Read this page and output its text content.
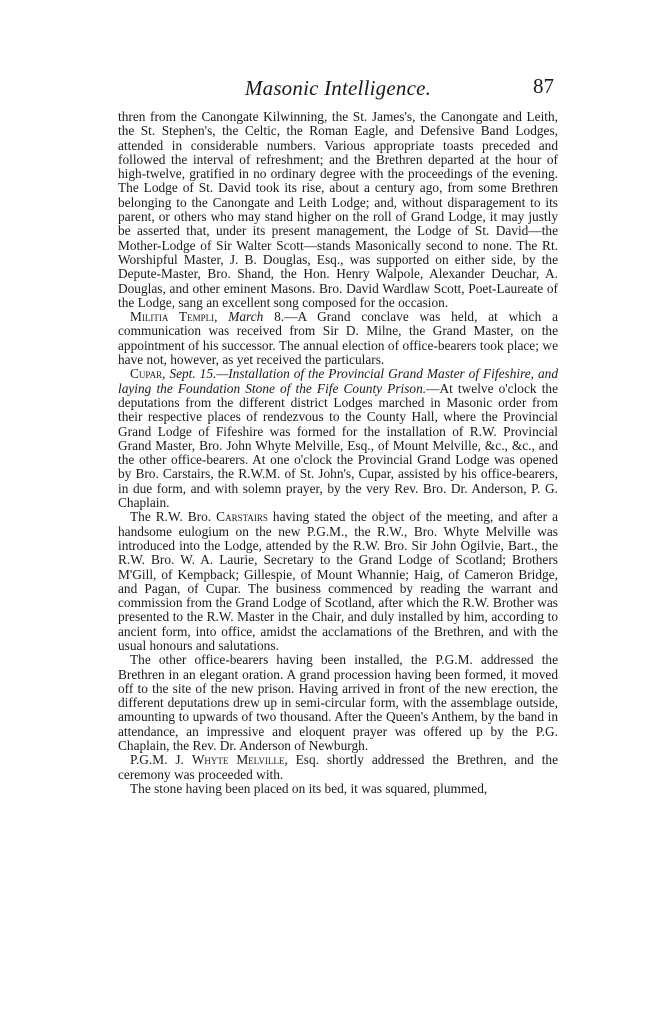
Masonic Intelligence.	87

thren from the Canongate Kilwinning, the St. James's, the Canongate and Leith, the St. Stephen's, the Celtic, the Roman Eagle, and Defensive Band Lodges, attended in considerable numbers. Various appropriate toasts preceded and followed the interval of refreshment; and the Brethren departed at the hour of high-twelve, gratified in no ordinary degree with the proceedings of the evening. The Lodge of St. David took its rise, about a century ago, from some Brethren belonging to the Canongate and Leith Lodge; and, without disparagement to its parent, or others who may stand higher on the roll of Grand Lodge, it may justly be asserted that, under its present management, the Lodge of St. David—the Mother-Lodge of Sir Walter Scott—stands Masonically second to none. The Rt. Worshipful Master, J. B. Douglas, Esq., was supported on either side, by the Depute-Master, Bro. Shand, the Hon. Henry Walpole, Alexander Deuchar, A. Douglas, and other eminent Masons. Bro. David Wardlaw Scott, Poet-Laureate of the Lodge, sang an excellent song composed for the occasion.

Militia Templi, March 8.—A Grand conclave was held, at which a communication was received from Sir D. Milne, the Grand Master, on the appointment of his successor. The annual election of office-bearers took place; we have not, however, as yet received the particulars.

Cupar, Sept. 15.—Installation of the Provincial Grand Master of Fifeshire, and laying the Foundation Stone of the Fife County Prison.—At twelve o'clock the deputations from the different district Lodges marched in Masonic order from their respective places of rendezvous to the County Hall, where the Provincial Grand Lodge of Fifeshire was formed for the installation of R.W. Provincial Grand Master, Bro. John Whyte Melville, Esq., of Mount Melville, &c., &c., and the other office-bearers. At one o'clock the Provincial Grand Lodge was opened by Bro. Carstairs, the R.W.M. of St. John's, Cupar, assisted by his office-bearers, in due form, and with solemn prayer, by the very Rev. Bro. Dr. Anderson, P. G. Chaplain.

The R.W. Bro. Carstairs having stated the object of the meeting, and after a handsome eulogium on the new P.G.M., the R.W., Bro. Whyte Melville was introduced into the Lodge, attended by the R.W. Bro. Sir John Ogilvie, Bart., the R.W. Bro. W. A. Laurie, Secretary to the Grand Lodge of Scotland; Brothers M'Gill, of Kempback; Gillespie, of Mount Whannie; Haig, of Cameron Bridge, and Pagan, of Cupar. The business commenced by reading the warrant and commission from the Grand Lodge of Scotland, after which the R.W. Brother was presented to the R.W. Master in the Chair, and duly installed by him, according to ancient form, into office, amidst the acclamations of the Brethren, and with the usual honours and salutations.

The other office-bearers having been installed, the P.G.M. addressed the Brethren in an elegant oration. A grand procession having been formed, it moved off to the site of the new prison. Having arrived in front of the new erection, the different deputations drew up in semi-circular form, with the assemblage outside, amounting to upwards of two thousand. After the Queen's Anthem, by the band in attendance, an impressive and eloquent prayer was offered up by the P.G. Chaplain, the Rev. Dr. Anderson of Newburgh.

P.G.M. J. Whyte Melville, Esq. shortly addressed the Brethren, and the ceremony was proceeded with.

The stone having been placed on its bed, it was squared, plummed,
